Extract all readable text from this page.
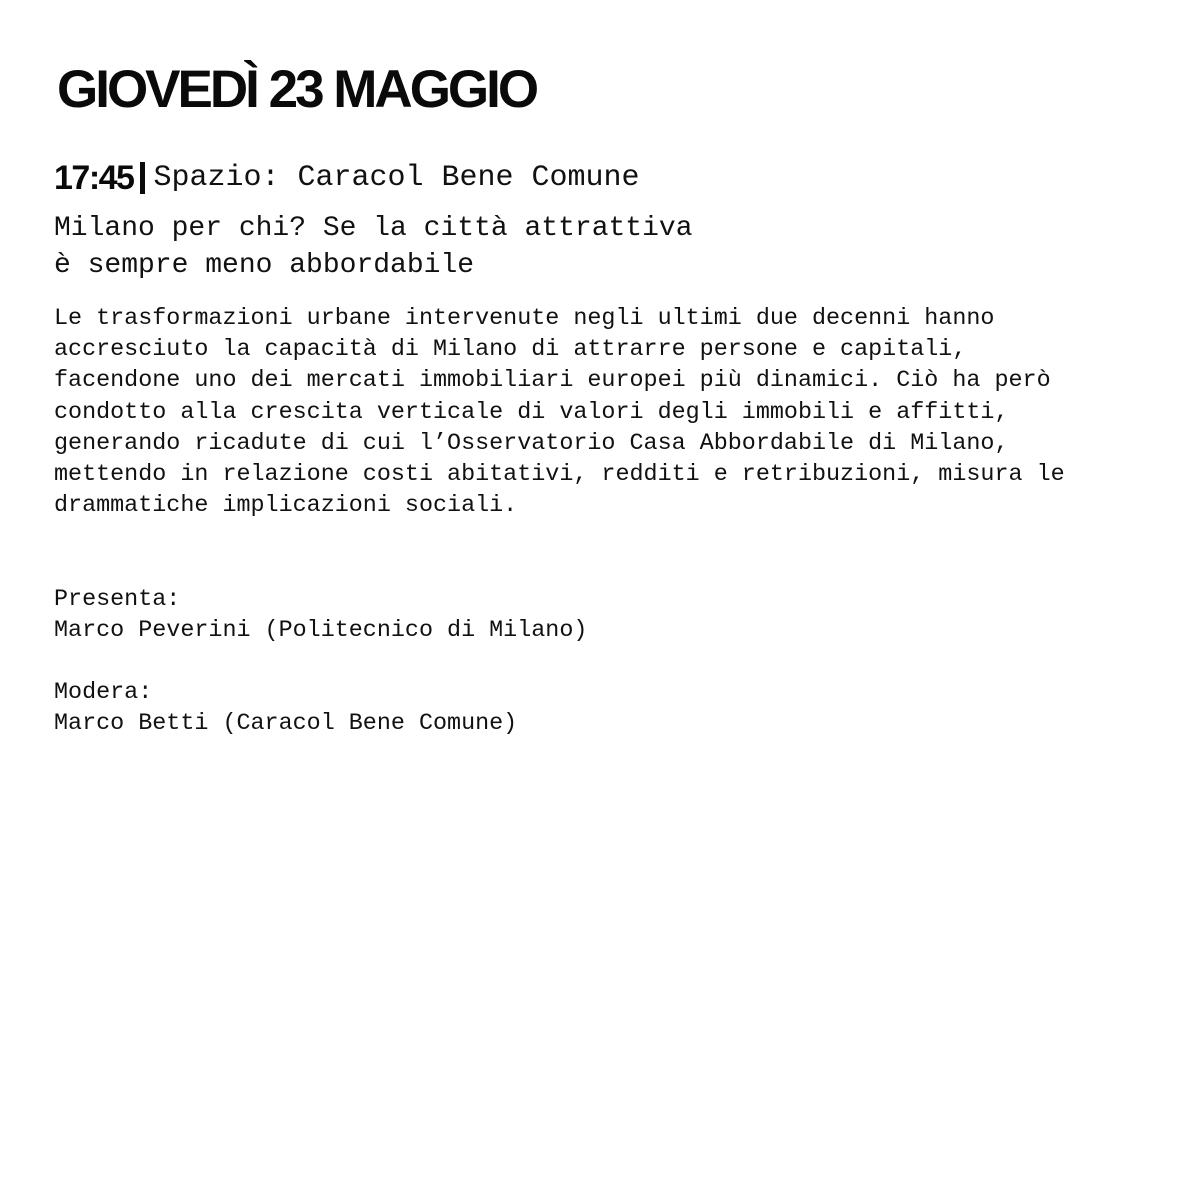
GIOVEDÌ 23 MAGGIO
17:45 Spazio: Caracol Bene Comune
Milano per chi? Se la città attrattiva
è sempre meno abbordabile

Le trasformazioni urbane intervenute negli ultimi due decenni hanno
accresciuto la capacità di Milano di attrarre persone e capitali,
facendone uno dei mercati immobiliari europei più dinamici. Ciò ha però
condotto alla crescita verticale di valori degli immobili e affitti,
generando ricadute di cui l’Osservatorio Casa Abbordabile di Milano,
mettendo in relazione costi abitativi, redditi e retribuzioni, misura le
drammatiche implicazioni sociali.

Presenta:
Marco Peverini (Politecnico di Milano)
Modera:
Marco Betti (Caracol Bene Comune)
